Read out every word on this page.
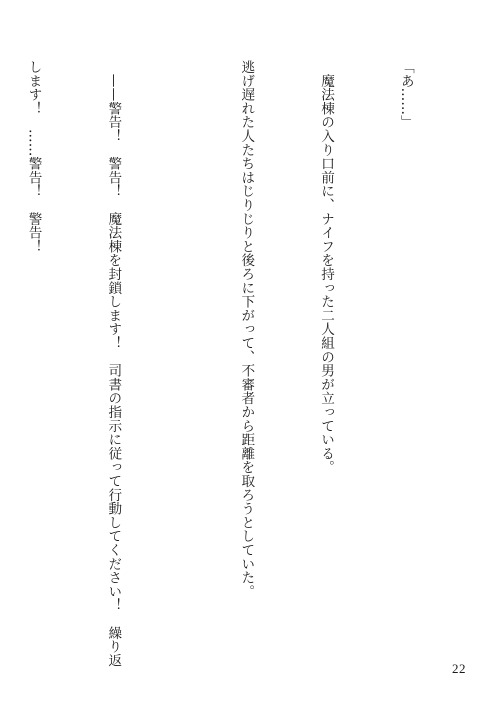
「あ……」

　魔法棟の入り口前に、ナイフを持った二人組の男が立っている。

逃げ遅れた人たちはじりじりと後ろに下がって、不審者から距離を取ろうとしていた。

　——警告！　警告！　魔法棟を封鎖します！　司書の指示に従って行動してください！　繰り返

します！　……警告！　警告！

22
